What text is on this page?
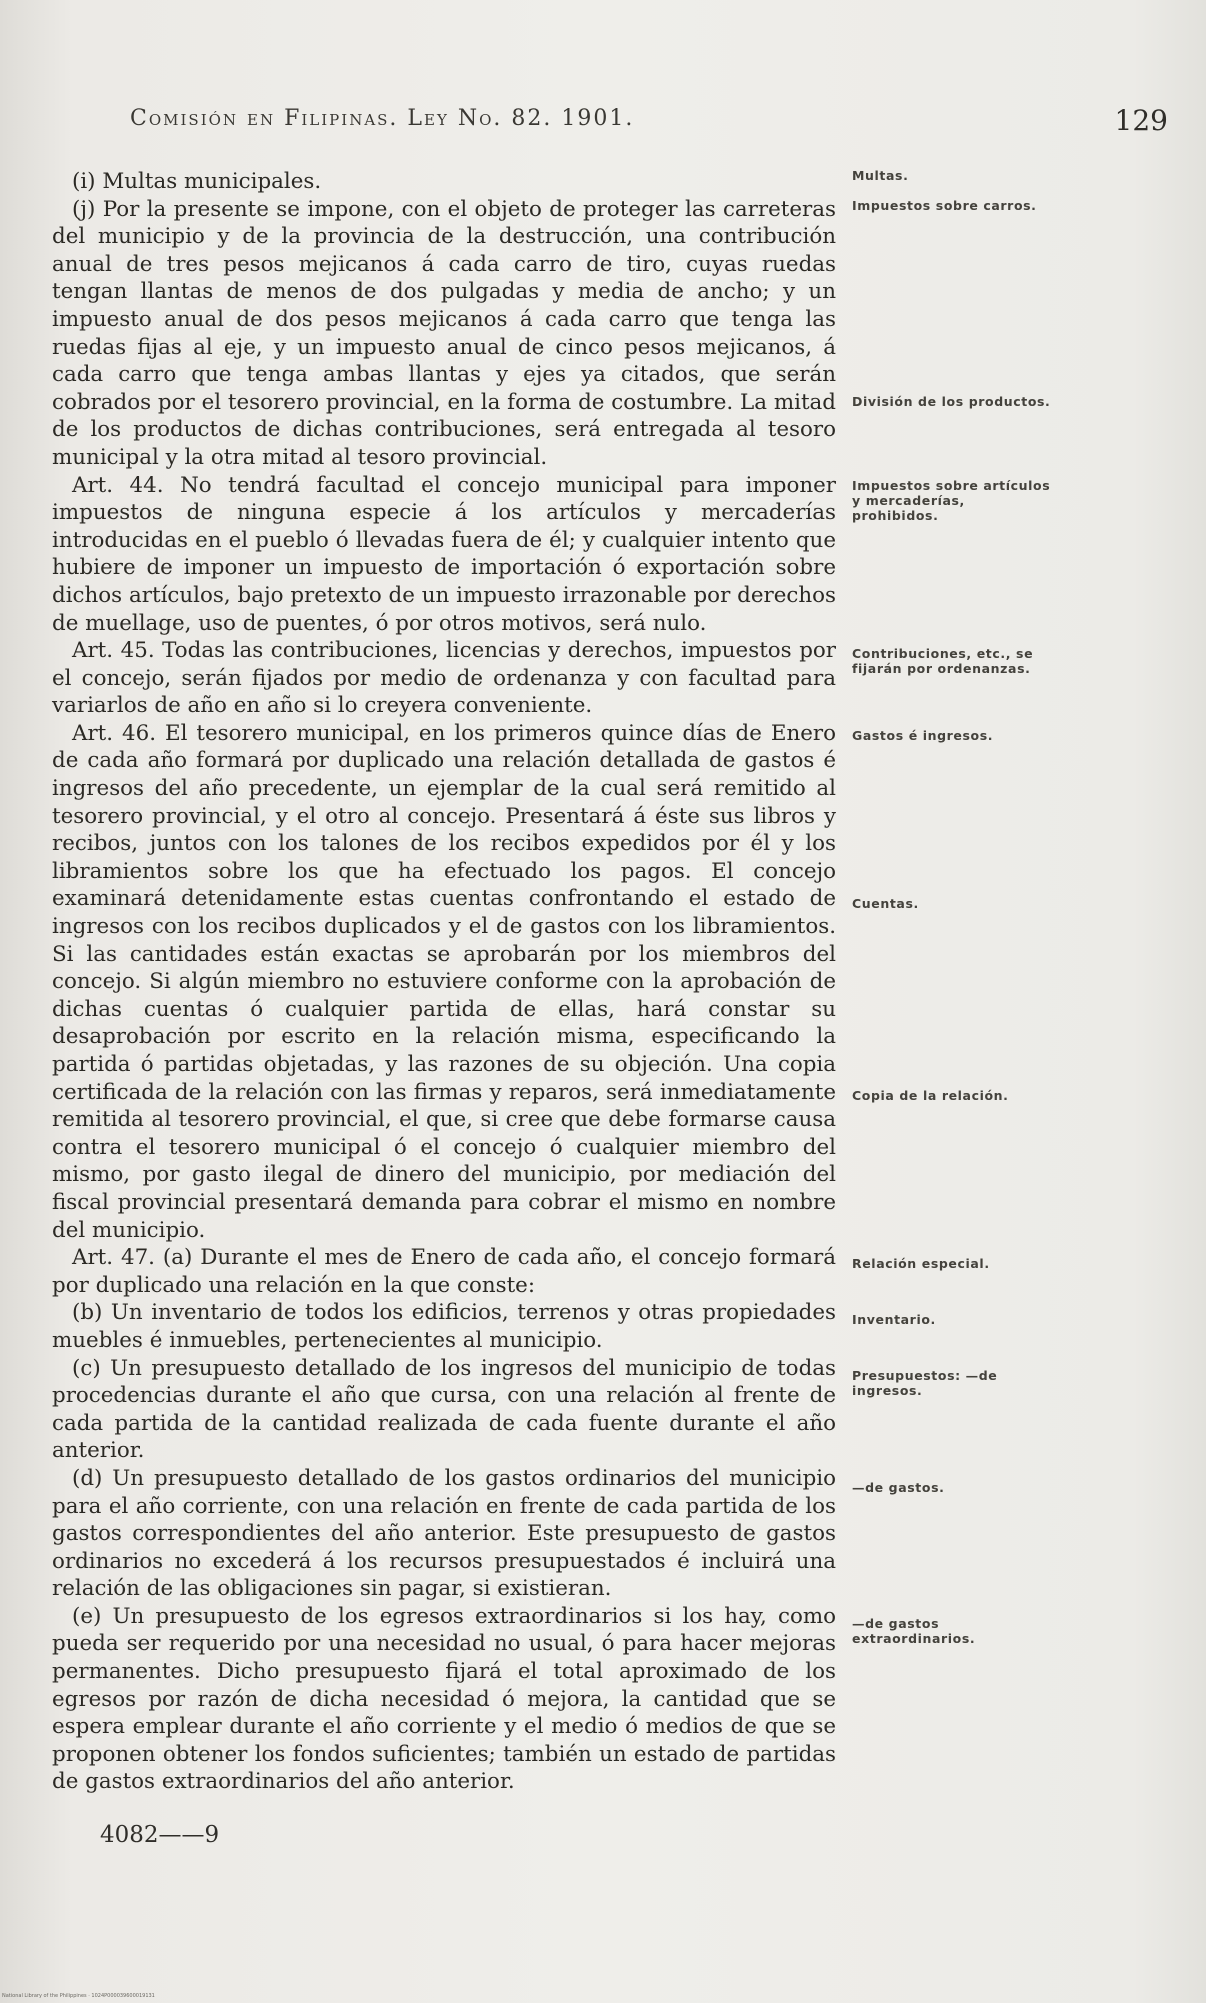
Comisión en Filipinas. Ley No. 82. 1901.	129

(i) Multas municipales.

(j) Por la presente se impone, con el objeto de proteger las carreteras del municipio y de la provincia de la destrucción, una contribución anual de tres pesos mejicanos á cada carro de tiro, cuyas ruedas tengan llantas de menos de dos pulgadas y media de ancho; y un impuesto anual de dos pesos mejicanos á cada carro que tenga las ruedas fijas al eje, y un impuesto anual de cinco pesos mejicanos, á cada carro que tenga ambas llantas y ejes ya citados, que serán cobrados por el tesorero provincial, en la forma de costumbre. La mitad de los productos de dichas contribuciones, será entregada al tesoro municipal y la otra mitad al tesoro provincial.

Art. 44. No tendrá facultad el concejo municipal para imponer impuestos de ninguna especie á los artículos y mercaderías introducidas en el pueblo ó llevadas fuera de él; y cualquier intento que hubiere de imponer un impuesto de importación ó exportación sobre dichos artículos, bajo pretexto de un impuesto irrazonable por derechos de muellage, uso de puentes, ó por otros motivos, será nulo.

Art. 45. Todas las contribuciones, licencias y derechos, impuestos por el concejo, serán fijados por medio de ordenanza y con facultad para variarlos de año en año si lo creyera conveniente.

Art. 46. El tesorero municipal, en los primeros quince días de Enero de cada año formará por duplicado una relación detallada de gastos é ingresos del año precedente, un ejemplar de la cual será remitido al tesorero provincial, y el otro al concejo. Presentará á éste sus libros y recibos, juntos con los talones de los recibos expedidos por él y los libramientos sobre los que ha efectuado los pagos. El concejo examinará detenidamente estas cuentas confrontando el estado de ingresos con los recibos duplicados y el de gastos con los libramientos. Si las cantidades están exactas se aprobarán por los miembros del concejo. Si algún miembro no estuviere conforme con la aprobación de dichas cuentas ó cualquier partida de ellas, hará constar su desaprobación por escrito en la relación misma, especificando la partida ó partidas objetadas, y las razones de su objeción. Una copia certificada de la relación con las firmas y reparos, será inmediatamente remitida al tesorero provincial, el que, si cree que debe formarse causa contra el tesorero municipal ó el concejo ó cualquier miembro del mismo, por gasto ilegal de dinero del municipio, por mediación del fiscal provincial presentará demanda para cobrar el mismo en nombre del municipio.

Art. 47. (a) Durante el mes de Enero de cada año, el concejo formará por duplicado una relación en la que conste:

(b) Un inventario de todos los edificios, terrenos y otras propiedades muebles é inmuebles, pertenecientes al municipio.

(c) Un presupuesto detallado de los ingresos del municipio de todas procedencias durante el año que cursa, con una relación al frente de cada partida de la cantidad realizada de cada fuente durante el año anterior.

(d) Un presupuesto detallado de los gastos ordinarios del municipio para el año corriente, con una relación en frente de cada partida de los gastos correspondientes del año anterior. Este presupuesto de gastos ordinarios no excederá á los recursos presupuestados é incluirá una relación de las obligaciones sin pagar, si existieran.

(e) Un presupuesto de los egresos extraordinarios si los hay, como pueda ser requerido por una necesidad no usual, ó para hacer mejoras permanentes. Dicho presupuesto fijará el total aproximado de los egresos por razón de dicha necesidad ó mejora, la cantidad que se espera emplear durante el año corriente y el medio ó medios de que se proponen obtener los fondos suficientes; también un estado de partidas de gastos extraordinarios del año anterior.

Multas.
Impuestos sobre carros.
División de los productos.
Impuestos sobre artículos y mercaderías, prohibidos.
Contribuciones, etc., se fijarán por ordenanzas.
Gastos é ingresos.
Cuentas.
Copia de la relación.
Relación especial.
Inventario.
Presupuestos: —de ingresos.
—de gastos.
—de gastos extraordinarios.
4082——9
National Library of the Philippines · 1024P000039600019131
